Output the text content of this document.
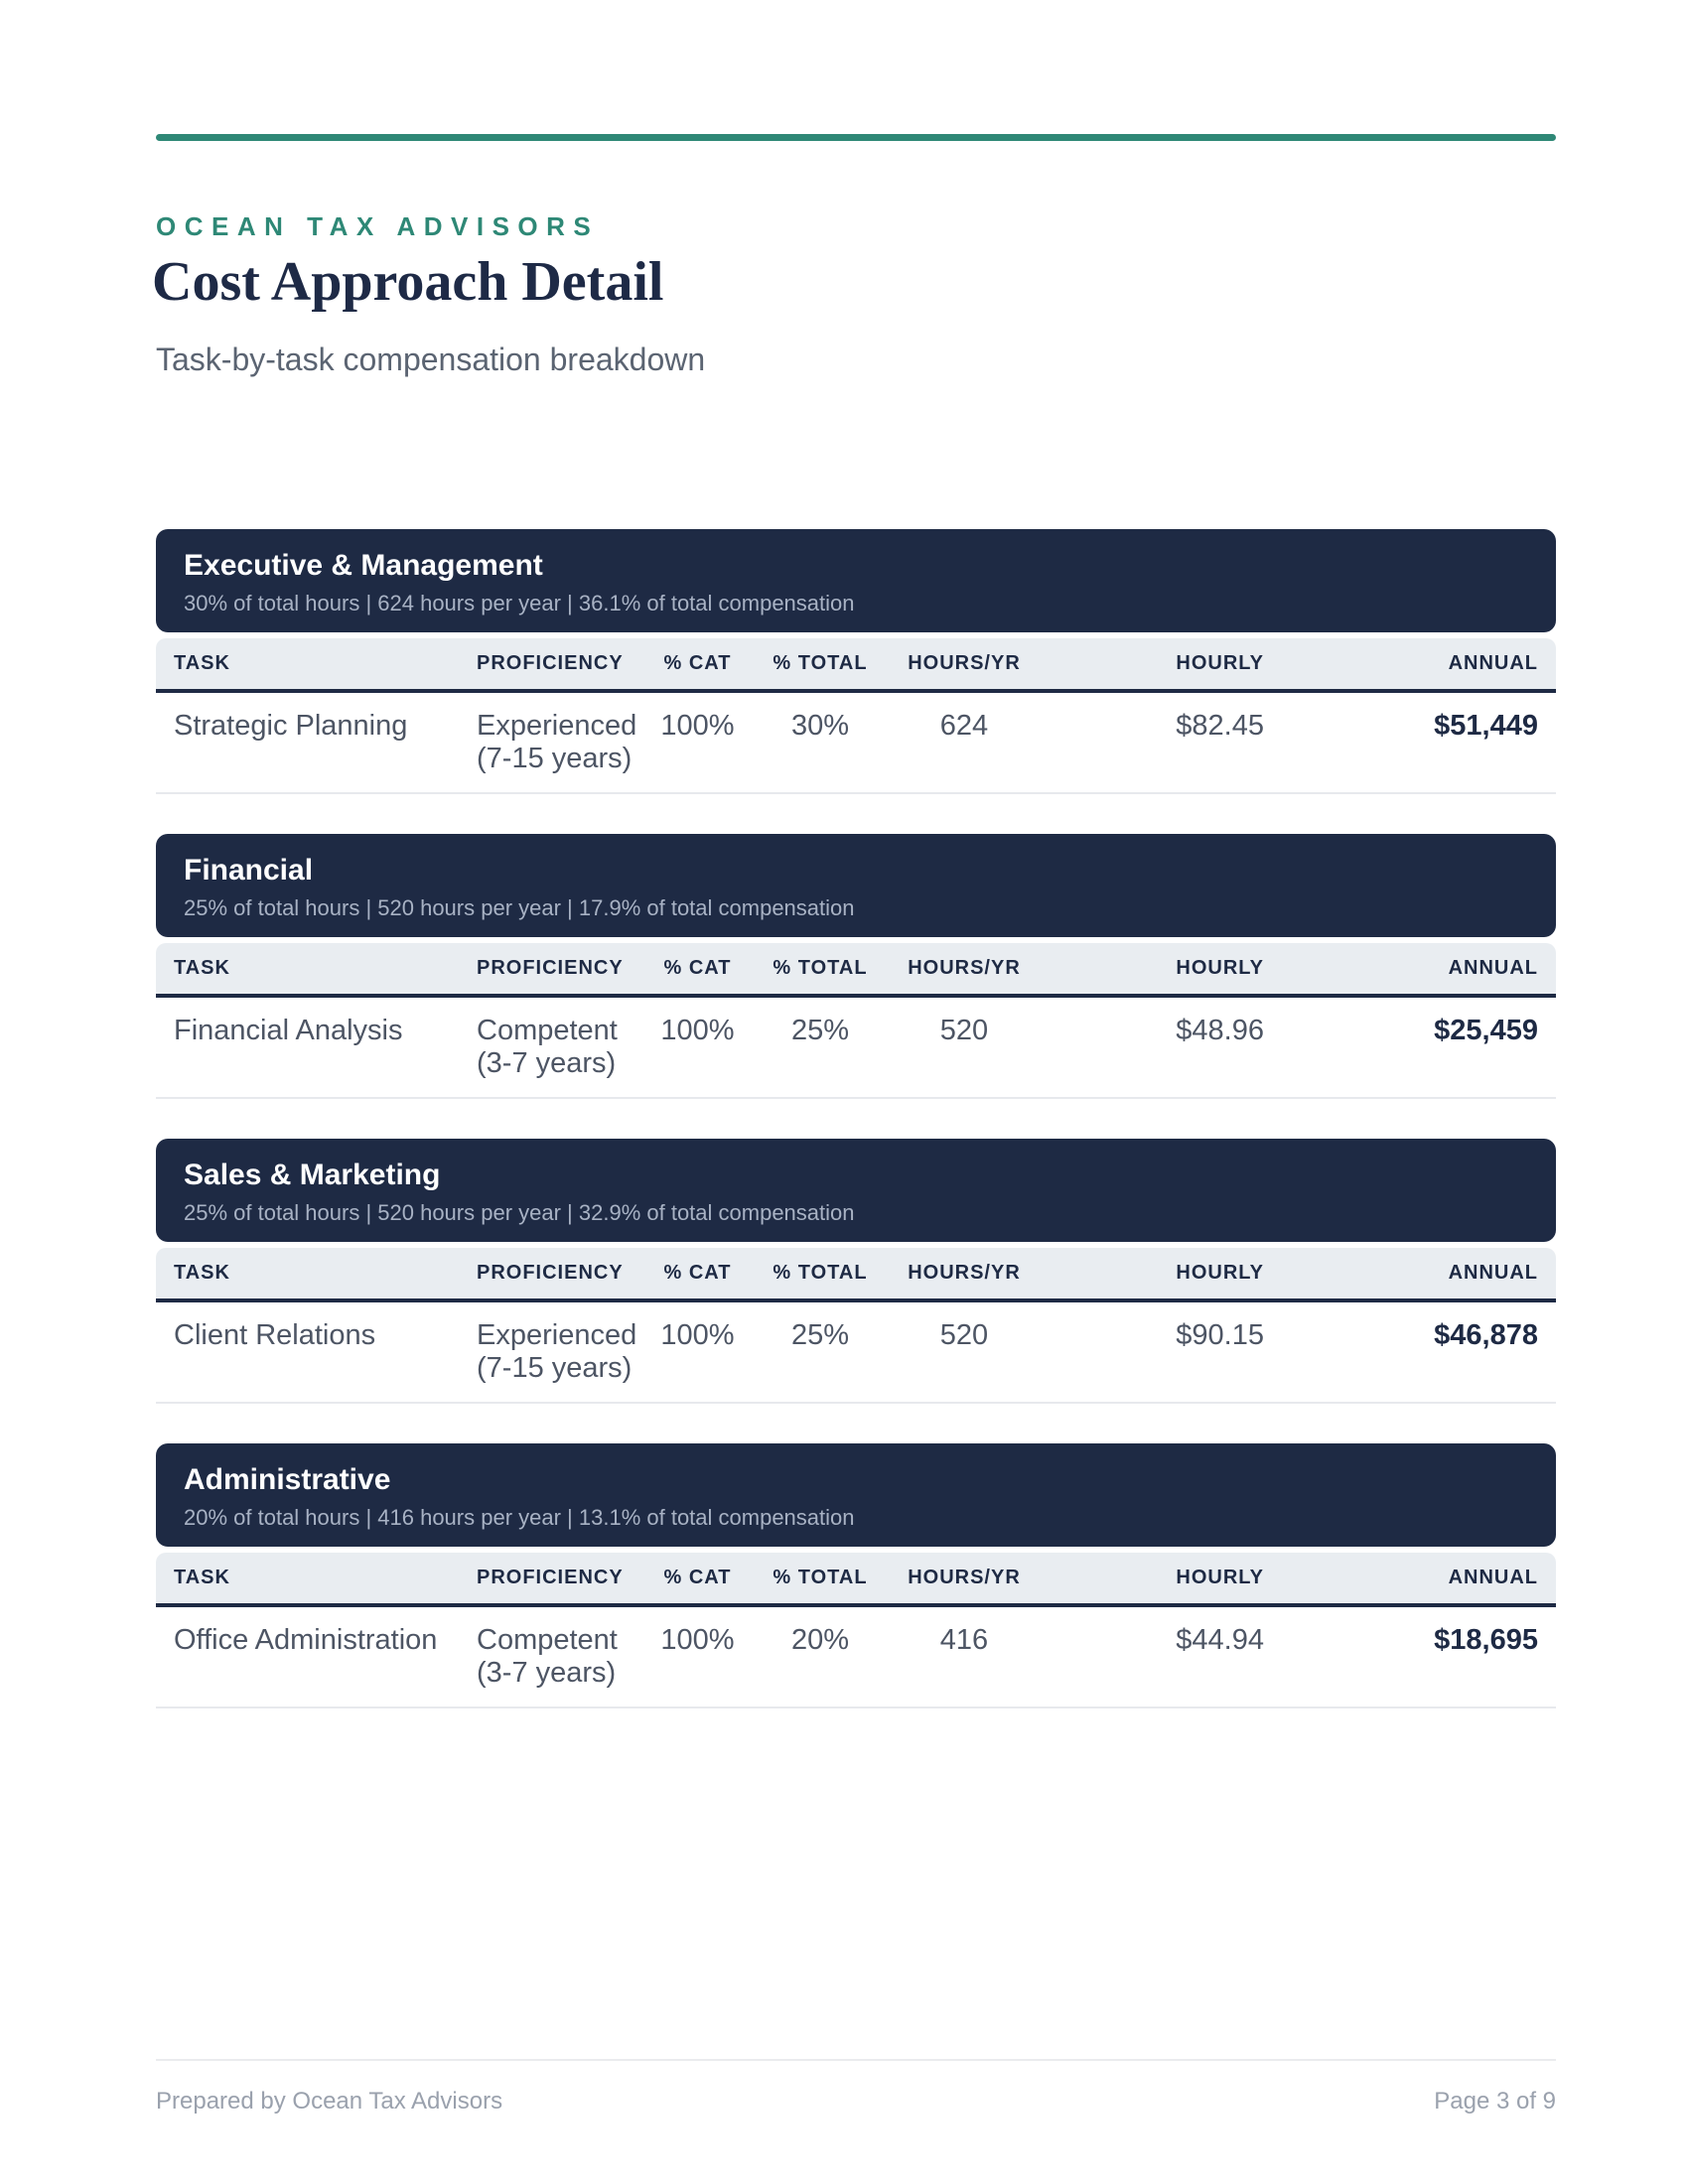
OCEAN TAX ADVISORS
Cost Approach Detail
Task-by-task compensation breakdown
Executive & Management
30% of total hours | 624 hours per year | 36.1% of total compensation
TASK	PROFICIENCY	% CAT	% TOTAL	HOURS/YR	HOURLY	ANNUAL
Strategic Planning	Experienced
(7-15 years)
100%	30%	624	$82.45	$51,449
Financial
25% of total hours | 520 hours per year | 17.9% of total compensation
TASK	PROFICIENCY	% CAT	% TOTAL	HOURS/YR	HOURLY	ANNUAL
Financial Analysis	Competent
(3-7 years)
100%	25%	520	$48.96	$25,459
Sales & Marketing
25% of total hours | 520 hours per year | 32.9% of total compensation
TASK	PROFICIENCY	% CAT	% TOTAL	HOURS/YR	HOURLY	ANNUAL
Client Relations	Experienced
(7-15 years)
100%	25%	520	$90.15	$46,878
Administrative
20% of total hours | 416 hours per year | 13.1% of total compensation
TASK	PROFICIENCY	% CAT	% TOTAL	HOURS/YR	HOURLY	ANNUAL
Office Administration	Competent
(3-7 years)
100%	20%	416	$44.94	$18,695
Prepared by Ocean Tax Advisors	Page 3 of 9
